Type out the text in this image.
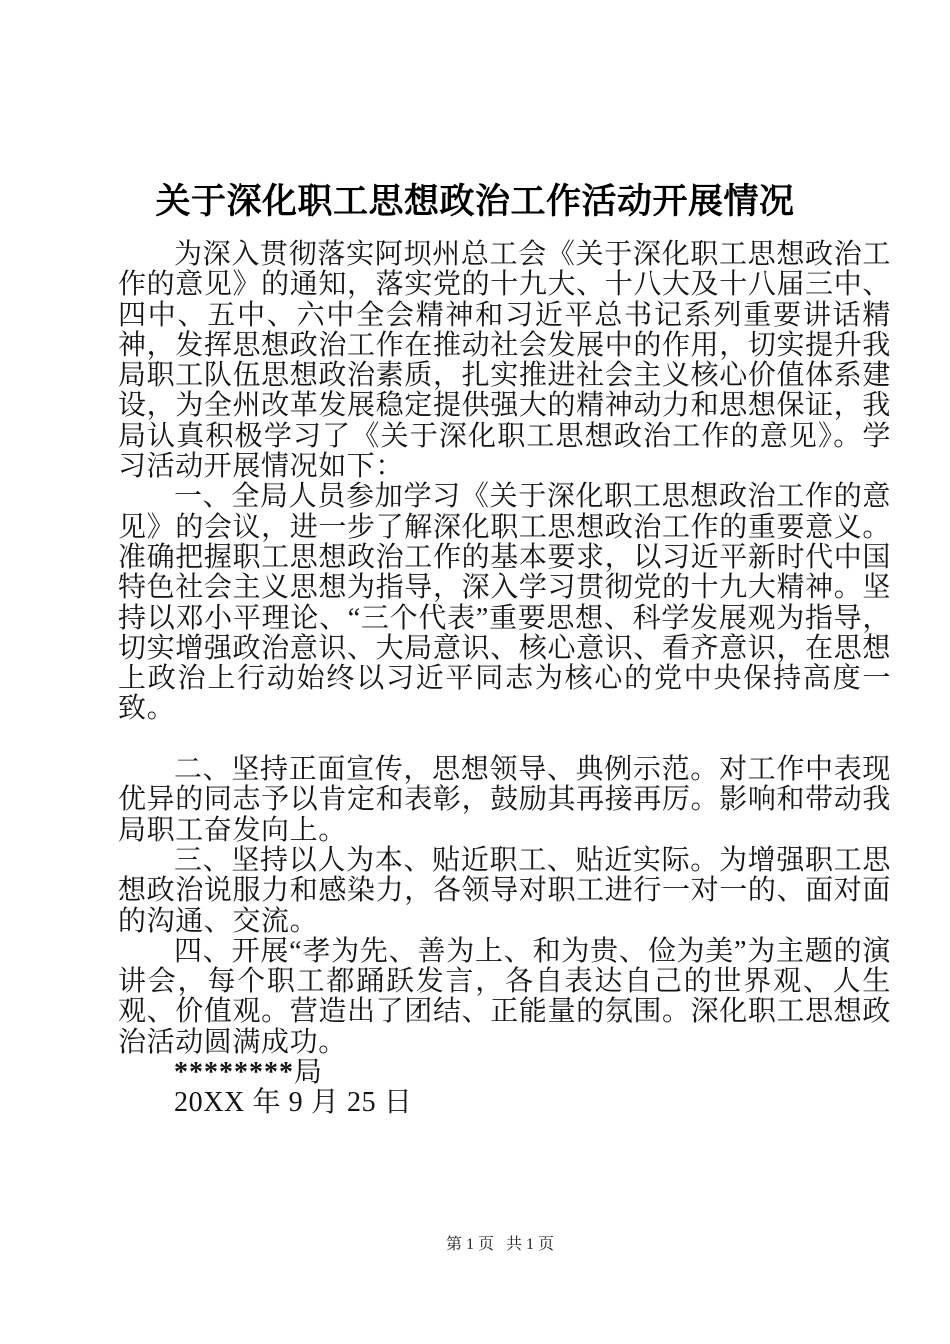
关于深化职工思想政治工作活动开展情况

为深入贯彻落实阿坝州总工会《关于深化职工思想政治工作的意见》的通知，落实党的十九大、十八大及十八届三中、四中、五中、六中全会精神和习近平总书记系列重要讲话精神，发挥思想政治工作在推动社会发展中的作用，切实提升我局职工队伍思想政治素质，扎实推进社会主义核心价值体系建设，为全州改革发展稳定提供强大的精神动力和思想保证，我局认真积极学习了《关于深化职工思想政治工作的意见》。学习活动开展情况如下：

一、全局人员参加学习《关于深化职工思想政治工作的意见》的会议，进一步了解深化职工思想政治工作的重要意义。准确把握职工思想政治工作的基本要求，以习近平新时代中国特色社会主义思想为指导，深入学习贯彻党的十九大精神。坚持以邓小平理论、“三个代表”重要思想、科学发展观为指导，切实增强政治意识、大局意识、核心意识、看齐意识，在思想上政治上行动始终以习近平同志为核心的党中央保持高度一致。

二、坚持正面宣传，思想领导、典例示范。对工作中表现优异的同志予以肯定和表彰，鼓励其再接再厉。影响和带动我局职工奋发向上。

三、坚持以人为本、贴近职工、贴近实际。为增强职工思想政治说服力和感染力，各领导对职工进行一对一的、面对面的沟通、交流。

四、开展“孝为先、善为上、和为贵、俭为美”为主题的演讲会，每个职工都踊跃发言，各自表达自己的世界观、人生观、价值观。营造出了团结、正能量的氛围。深化职工思想政治活动圆满成功。

********局

20XX 年 9 月 25 日

第 1 页 共 1 页
